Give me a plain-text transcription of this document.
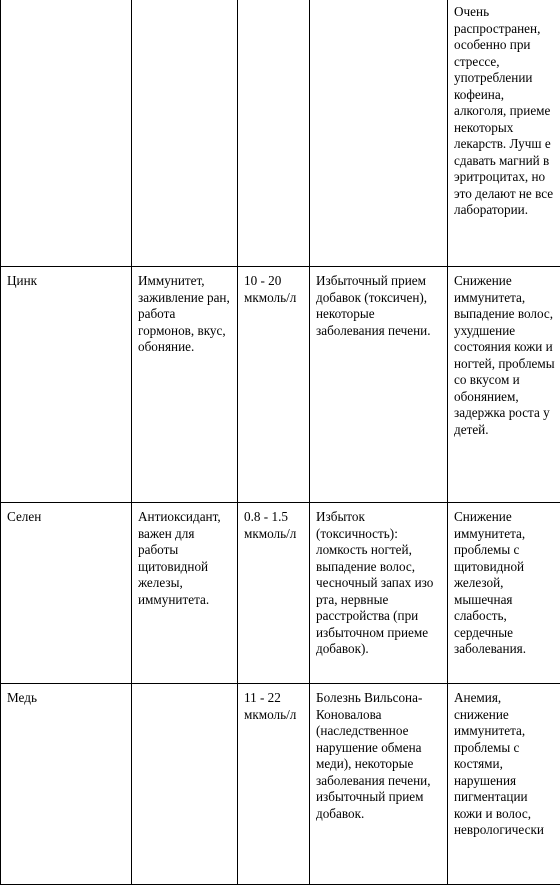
				Очень распространен, особенно при стрессе, употреблении кофеина, алкоголя, приеме некоторых лекарств. Лучш е сдавать магний в эритроцитах, но это делают не все лаборатории.
Цинк	Иммунитет, заживление ран, работа гормонов, вкус, обоняние.	10 - 20 мкмоль/л	Избыточный прием добавок (токсичен), некоторые заболевания печени.	Снижение иммунитета, выпадение волос, ухудшение состояния кожи и ногтей, проблемы со вкусом и обонянием, задержка роста у детей.
Селен	Антиоксидант, важен для работы щитовидной железы, иммунитета.	0.8 - 1.5 мкмоль/л	Избыток (токсичность): ломкость ногтей, выпадение волос, чесночный запах изо рта, нервные расстройства (при избыточном приеме добавок).	Снижение иммунитета, проблемы с щитовидной железой, мышечная слабость, сердечные заболевания.
Медь		11 - 22 мкмоль/л	Болезнь Вильсона-Коновалова (наследственное нарушение обмена меди), некоторые заболевания печени, избыточный прием добавок.	Анемия, снижение иммунитета, проблемы с костями, нарушения пигментации кожи и волос, неврологически
